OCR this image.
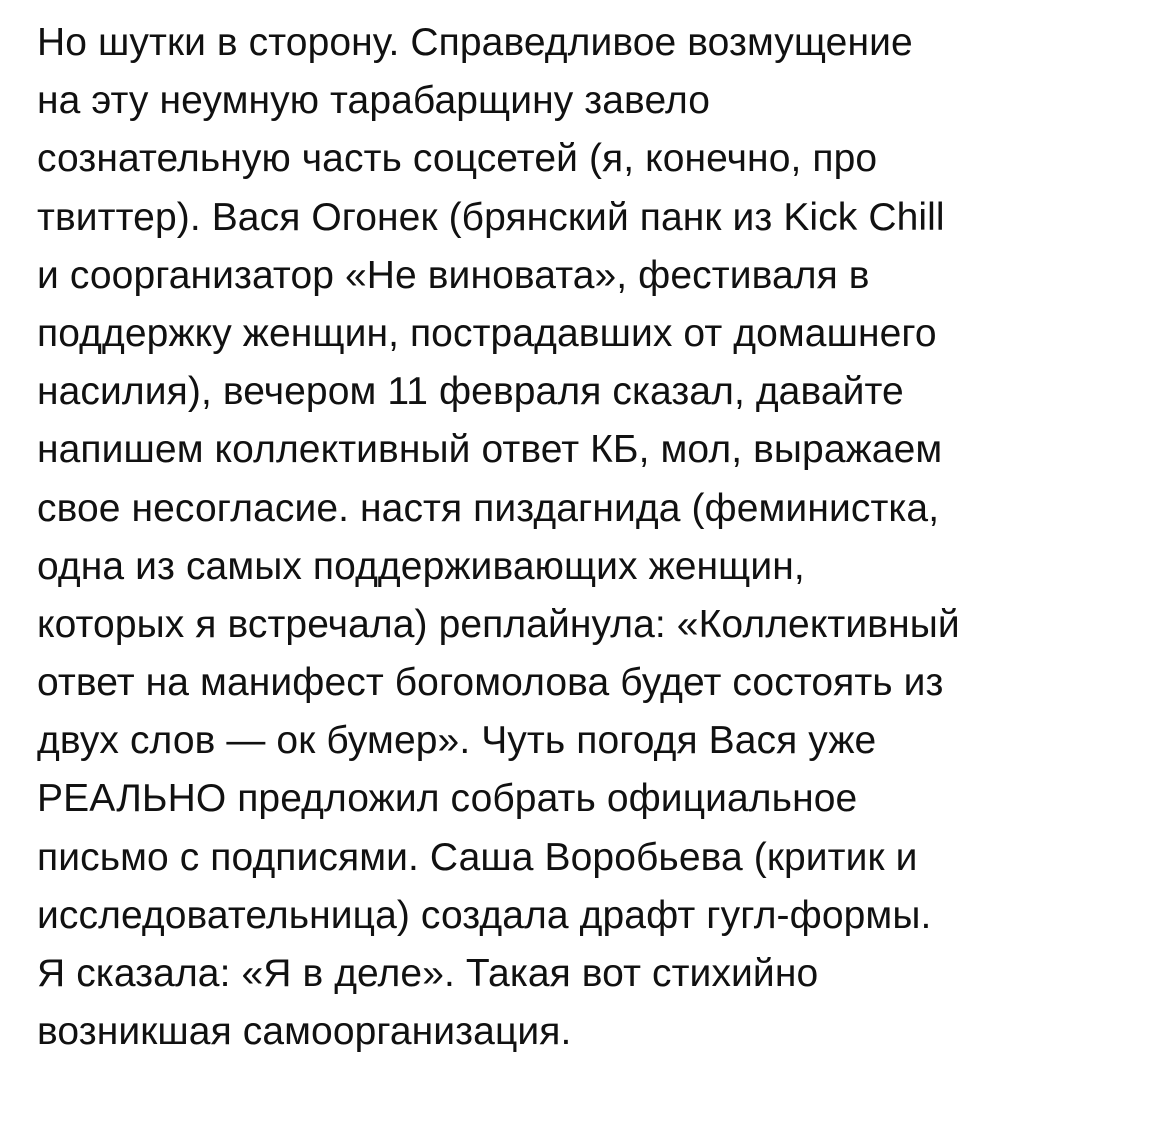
Но шутки в сторону. Справедливое возмущение
на эту неумную тарабарщину завело
сознательную часть соцсетей (я, конечно, про
твиттер). Вася Огонек (брянский панк из Kick Chill
и соорганизатор «Не виновата», фестиваля в
поддержку женщин, пострадавших от домашнего
насилия), вечером 11 февраля сказал, давайте
напишем коллективный ответ КБ, мол, выражаем
свое несогласие. настя пиздагнида (феминистка,
одна из самых поддерживающих женщин,
которых я встречала) реплайнула: «Коллективный
ответ на манифест богомолова будет состоять из
двух слов — ок бумер». Чуть погодя Вася уже
РЕАЛЬНО предложил собрать официальное
письмо с подписями. Саша Воробьева (критик и
исследовательница) создала драфт гугл-формы.
Я сказала: «Я в деле». Такая вот стихийно
возникшая самоорганизация.
